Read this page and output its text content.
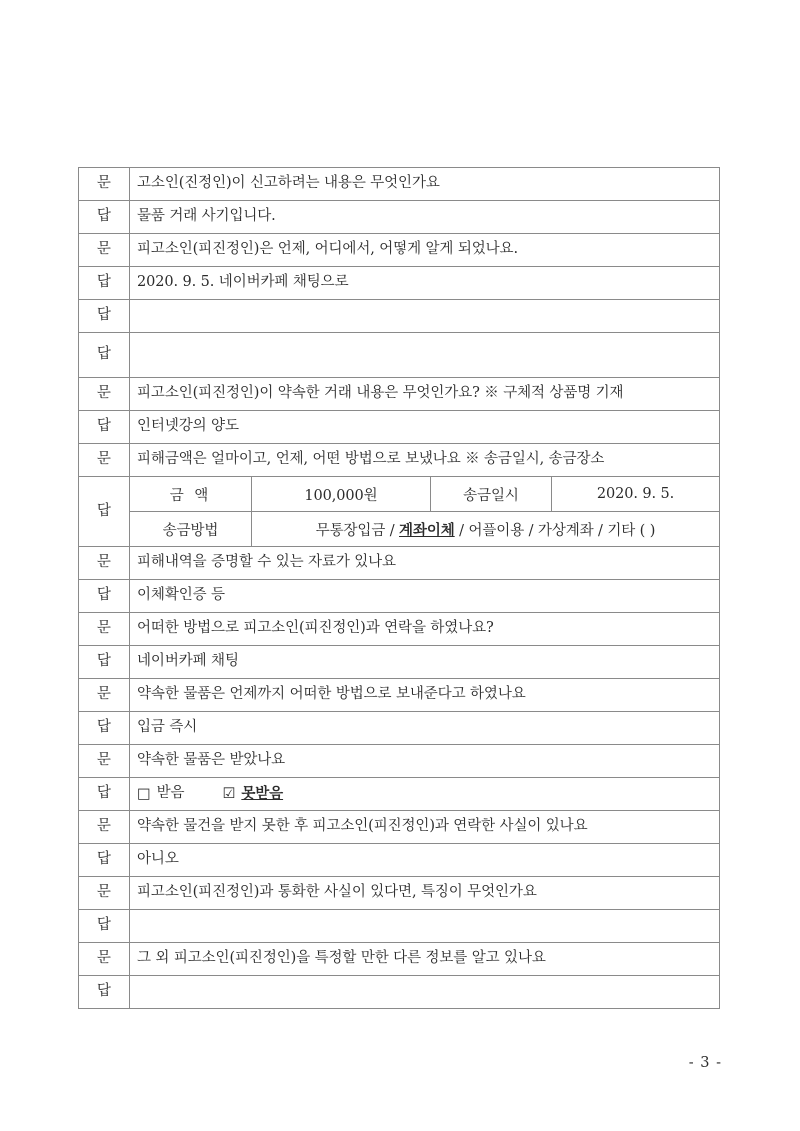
문	고소인(진정인)이 신고하려는 내용은 무엇인가요

답	물품 거래 사기입니다.

문	피고소인(피진정인)은 언제, 어디에서, 어떻게 알게 되었나요.

답	2020. 9. 5. 네이버카페 채팅으로

답

답

문	피고소인(피진정인)이 약속한 거래 내용은 무엇인가요? ※ 구체적 상품명 기재

답	인터넷강의 양도

문	피해금액은 얼마이고, 언제, 어떤 방법으로 보냈나요 ※ 송금일시, 송금장소

답

금 액	100,000원	송금일시	2020. 9. 5.
송금방법	무통장입금 / 계좌이체 / 어플이용 / 가상계좌 / 기타 ( )

문	피해내역을 증명할 수 있는 자료가 있나요

답	이체확인증 등

문	어떠한 방법으로 피고소인(피진정인)과 연락을 하였나요?

답	네이버카페 채팅

문	약속한 물품은 언제까지 어떠한 방법으로 보내준다고 하였나요

답	입금 즉시

문	약속한 물품은 받았나요

답	□ 받음	☑ 못받음

문	약속한 물건을 받지 못한 후 피고소인(피진정인)과 연락한 사실이 있나요

답	아니오

문	피고소인(피진정인)과 통화한 사실이 있다면, 특징이 무엇인가요

답

문	그 외 피고소인(피진정인)을 특정할 만한 다른 정보를 알고 있나요

답

- 3 -
